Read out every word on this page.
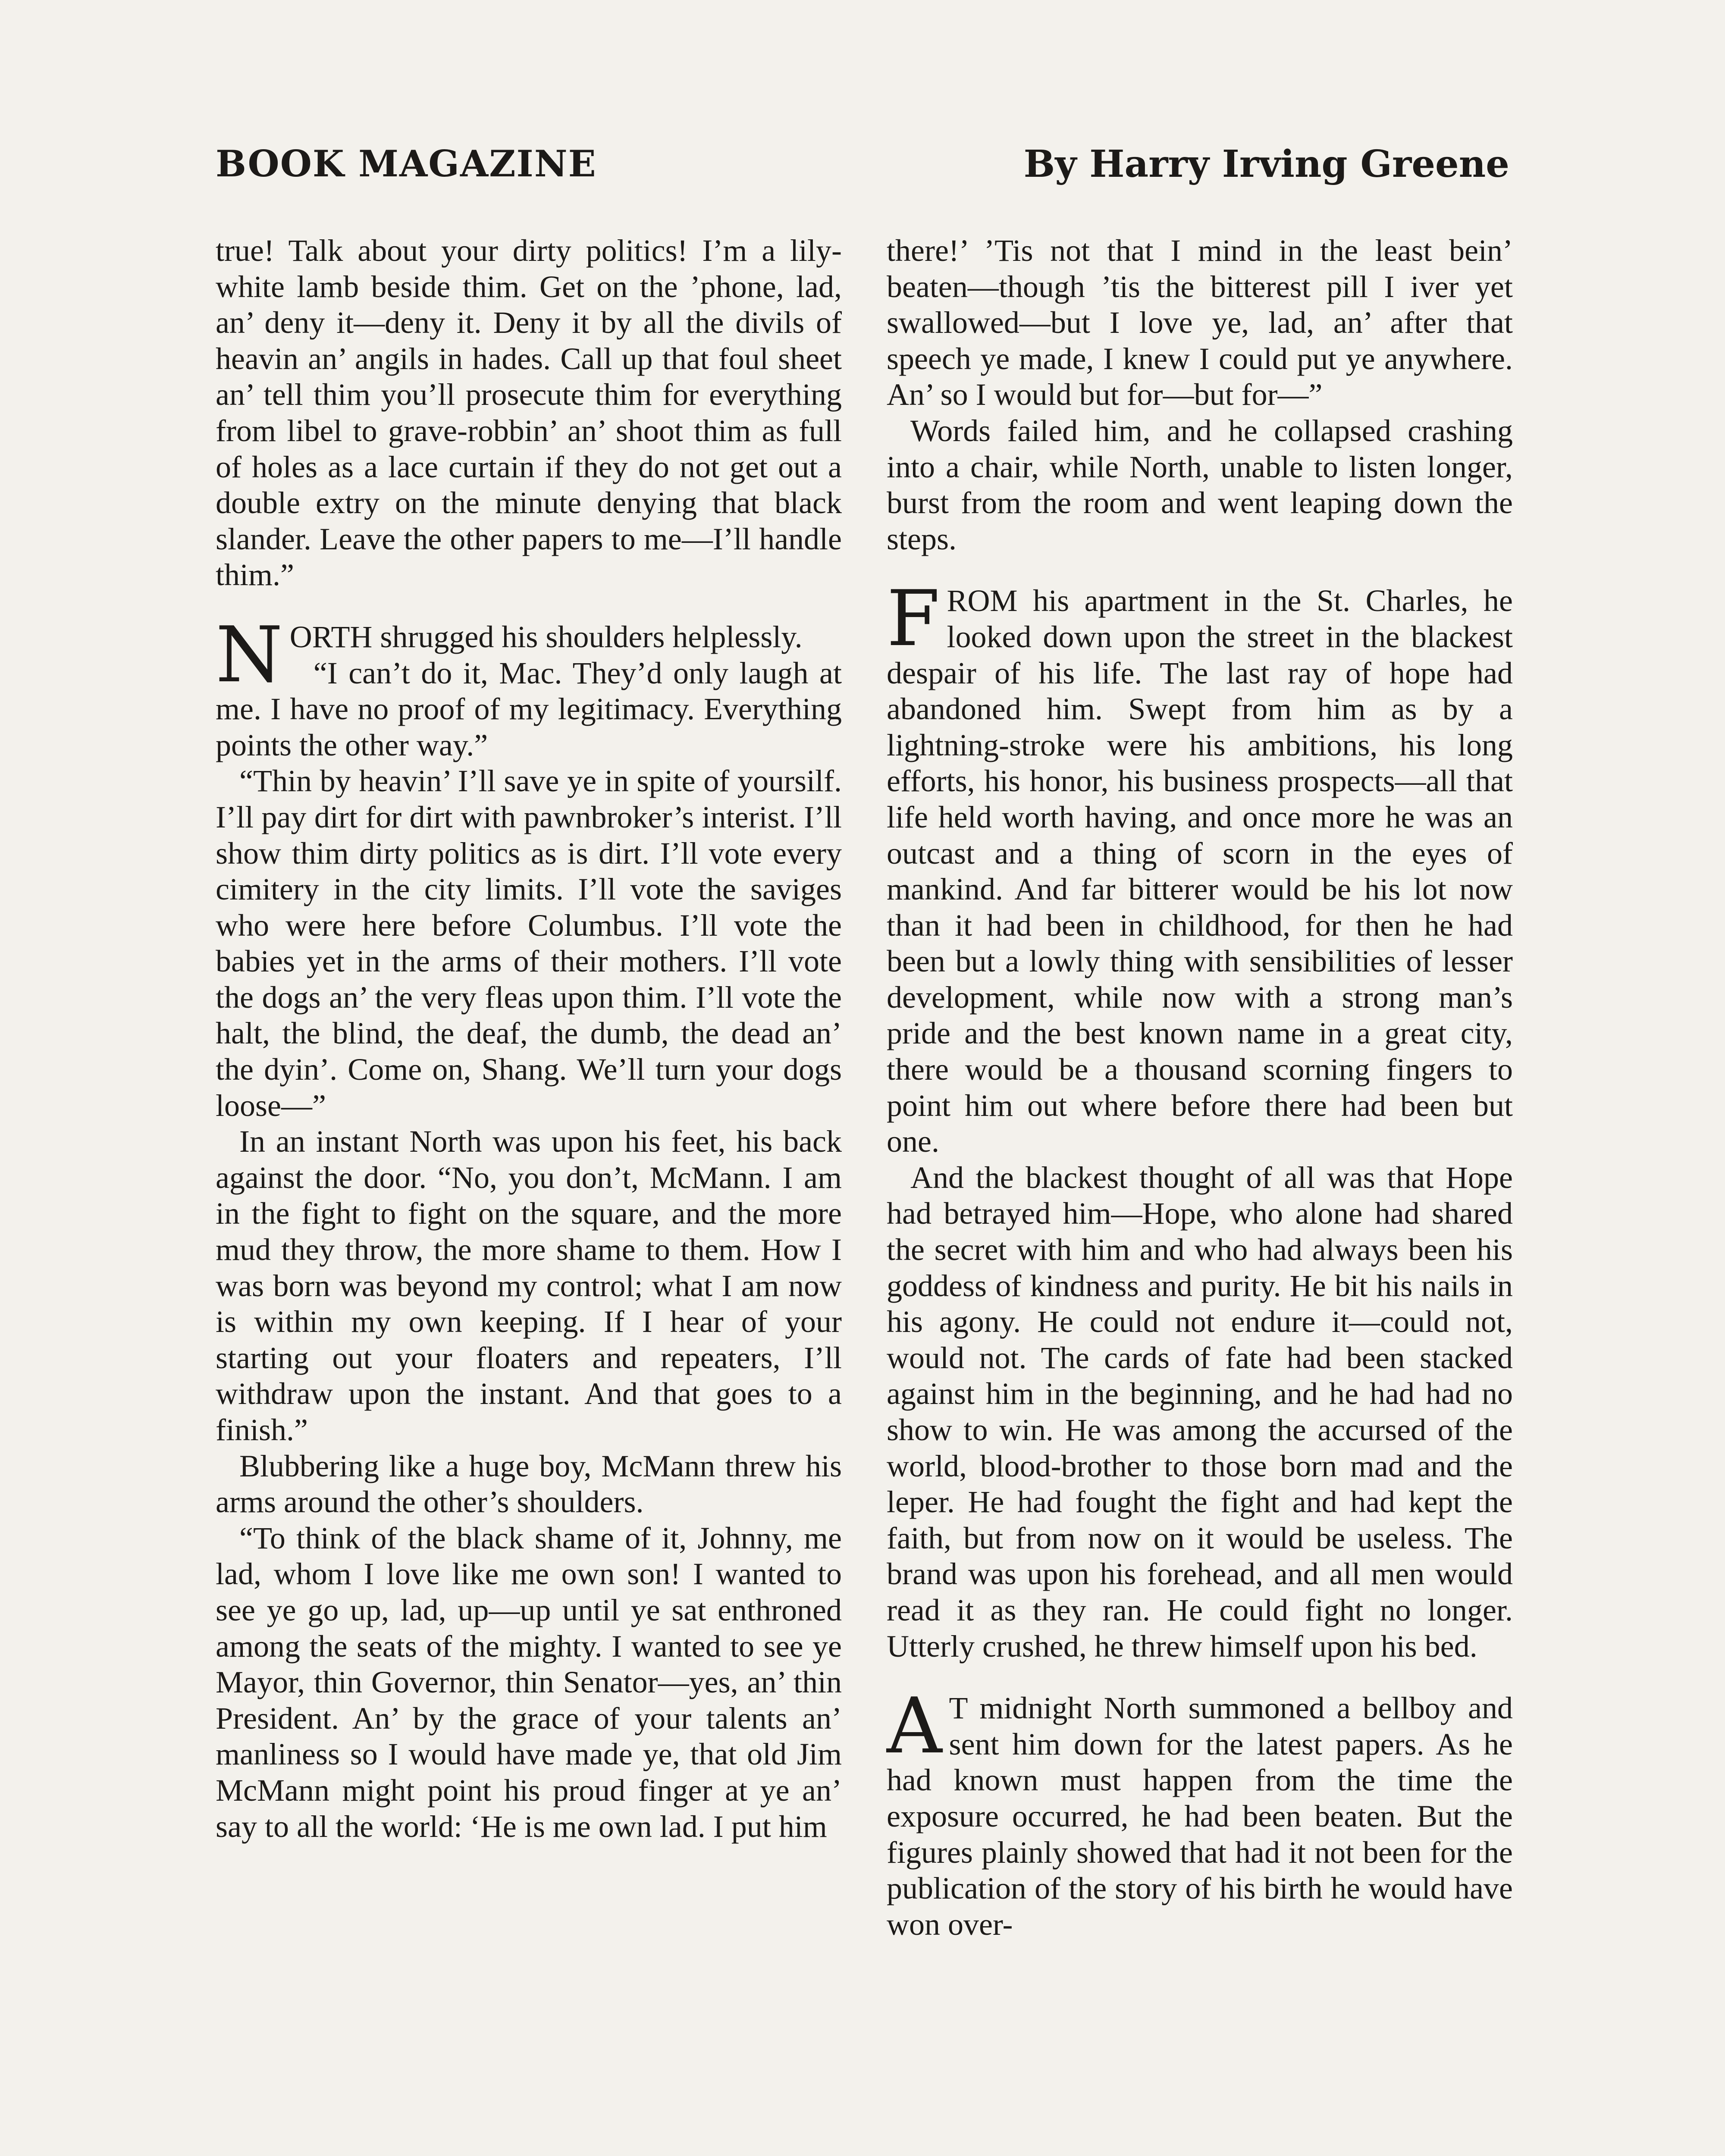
BOOK MAGAZINE	By Harry Irving Greene

true! Talk about your dirty politics! I’m a lily-white lamb beside thim. Get on the ’phone, lad, an’ deny it—deny it. Deny it by all the divils of heavin an’ angils in hades. Call up that foul sheet an’ tell thim you’ll prosecute thim for everything from libel to grave-robbin’ an’ shoot thim as full of holes as a lace curtain if they do not get out a double extry on the minute denying that black slander. Leave the other papers to me—I’ll handle thim.”

NORTH shrugged his shoulders helplessly.

“I can’t do it, Mac. They’d only laugh at me. I have no proof of my legitimacy. Everything points the other way.”

“Thin by heavin’ I’ll save ye in spite of yoursilf. I’ll pay dirt for dirt with pawnbroker’s interist. I’ll show thim dirty politics as is dirt. I’ll vote every cimitery in the city limits. I’ll vote the saviges who were here before Columbus. I’ll vote the babies yet in the arms of their mothers. I’ll vote the dogs an’ the very fleas upon thim. I’ll vote the halt, the blind, the deaf, the dumb, the dead an’ the dyin’. Come on, Shang. We’ll turn your dogs loose—”

In an instant North was upon his feet, his back against the door. “No, you don’t, McMann. I am in the fight to fight on the square, and the more mud they throw, the more shame to them. How I was born was beyond my control; what I am now is within my own keeping. If I hear of your starting out your floaters and repeaters, I’ll withdraw upon the instant. And that goes to a finish.”

Blubbering like a huge boy, McMann threw his arms around the other’s shoulders.

“To think of the black shame of it, Johnny, me lad, whom I love like me own son! I wanted to see ye go up, lad, up—up until ye sat enthroned among the seats of the mighty. I wanted to see ye Mayor, thin Governor, thin Senator—yes, an’ thin President. An’ by the grace of your talents an’ manliness so I would have made ye, that old Jim McMann might point his proud finger at ye an’ say to all the world: ‘He is me own lad. I put him

there!’ ’Tis not that I mind in the least bein’ beaten—though ’tis the bitterest pill I iver yet swallowed—but I love ye, lad, an’ after that speech ye made, I knew I could put ye anywhere. An’ so I would but for—but for—”

Words failed him, and he collapsed crashing into a chair, while North, unable to listen longer, burst from the room and went leaping down the steps.

FROM his apartment in the St. Charles, he looked down upon the street in the blackest despair of his life. The last ray of hope had abandoned him. Swept from him as by a lightning-stroke were his ambitions, his long efforts, his honor, his business prospects—all that life held worth having, and once more he was an outcast and a thing of scorn in the eyes of mankind. And far bitterer would be his lot now than it had been in childhood, for then he had been but a lowly thing with sensibilities of lesser development, while now with a strong man’s pride and the best known name in a great city, there would be a thousand scorning fingers to point him out where before there had been but one.

And the blackest thought of all was that Hope had betrayed him—Hope, who alone had shared the secret with him and who had always been his goddess of kindness and purity. He bit his nails in his agony. He could not endure it—could not, would not. The cards of fate had been stacked against him in the beginning, and he had had no show to win. He was among the accursed of the world, blood-brother to those born mad and the leper. He had fought the fight and had kept the faith, but from now on it would be useless. The brand was upon his forehead, and all men would read it as they ran. He could fight no longer. Utterly crushed, he threw himself upon his bed.

A T midnight North summoned a bellboy and sent him down for the latest papers. As he had known must happen from the time the exposure occurred, he had been beaten. But the figures plainly showed that had it not been for the publication of the story of his birth he would have won over-
